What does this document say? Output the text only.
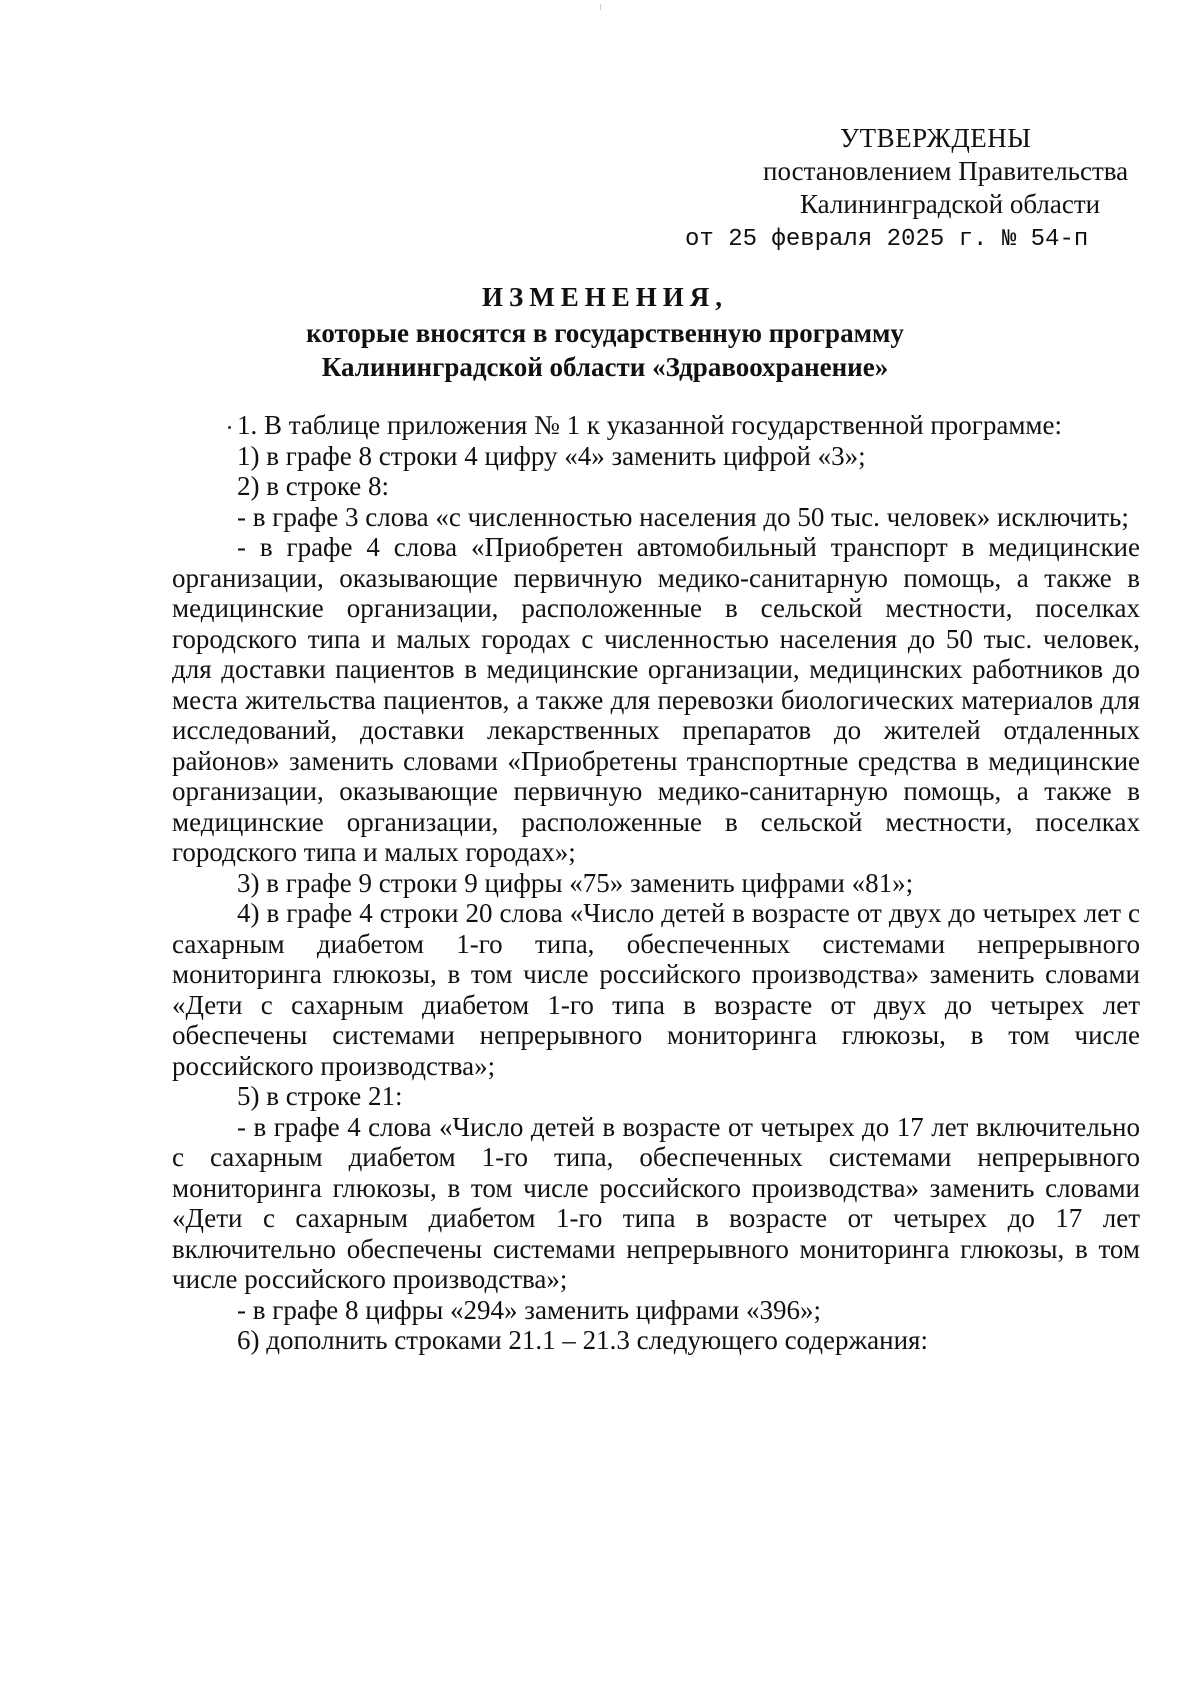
УТВЕРЖДЕНЫ
постановлением Правительства
Калининградской области
от 25 февраля 2025 г. № 54-п
ИЗМЕНЕНИЯ,
которые вносятся в государственную программу
Калининградской области «Здравоохранение»

1. В таблице приложения № 1 к указанной государственной программе:

1) в графе 8 строки 4 цифру «4» заменить цифрой «3»;

2) в строке 8:

- в графе 3 слова «с численностью населения до 50 тыс. человек» исключить;

- в графе 4 слова «Приобретен автомобильный транспорт в медицинские организации, оказывающие первичную медико-санитарную помощь, а также в медицинские организации, расположенные в сельской местности, поселках городского типа и малых городах с численностью населения до 50 тыс. человек, для доставки пациентов в медицинские организации, медицинских работников до места жительства пациентов, а также для перевозки биологических материалов для исследований, доставки лекарственных препаратов до жителей отдаленных районов» заменить словами «Приобретены транспортные средства в медицинские организации, оказывающие первичную медико-санитарную помощь, а также в медицинские организации, расположенные в сельской местности, поселках городского типа и малых городах»;

3) в графе 9 строки 9 цифры «75» заменить цифрами «81»;

4) в графе 4 строки 20 слова «Число детей в возрасте от двух до четырех лет с сахарным диабетом 1-го типа, обеспеченных системами непрерывного мониторинга глюкозы, в том числе российского производства» заменить словами «Дети с сахарным диабетом 1-го типа в возрасте от двух до четырех лет обеспечены системами непрерывного мониторинга глюкозы, в том числе российского производства»;

5) в строке 21:

- в графе 4 слова «Число детей в возрасте от четырех до 17 лет включительно с сахарным диабетом 1-го типа, обеспеченных системами непрерывного мониторинга глюкозы, в том числе российского производства» заменить словами «Дети с сахарным диабетом 1-го типа в возрасте от четырех до 17 лет включительно обеспечены системами непрерывного мониторинга глюкозы, в том числе российского производства»;

- в графе 8 цифры «294» заменить цифрами «396»;

6) дополнить строками 21.1 – 21.3 следующего содержания:
